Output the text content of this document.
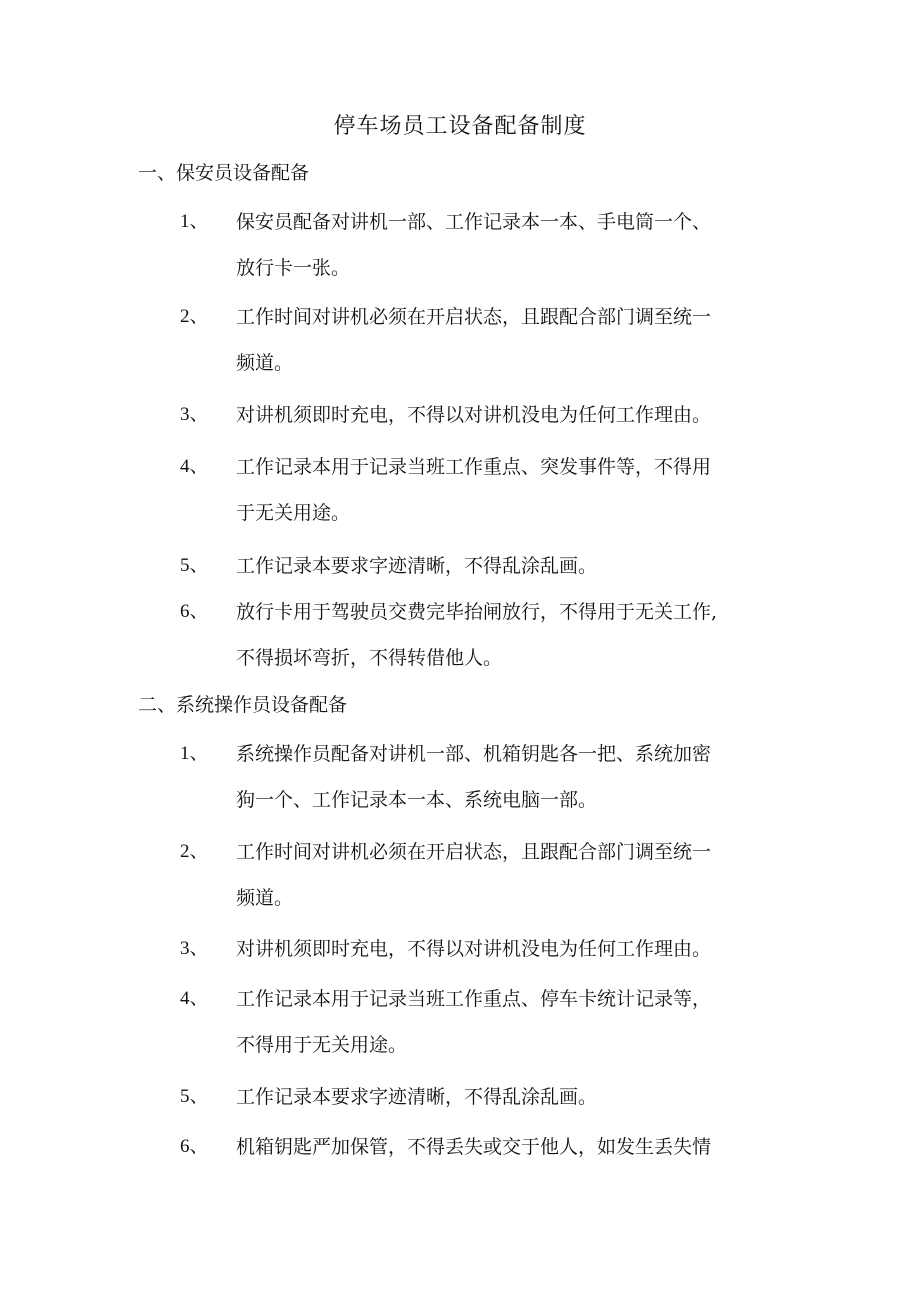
停车场员工设备配备制度
一、保安员设备配备
1、	保安员配备对讲机一部、工作记录本一本、手电筒一个、
放行卡一张。
2、	工作时间对讲机必须在开启状态，且跟配合部门调至统一
频道。
3、	对讲机须即时充电，不得以对讲机没电为任何工作理由。
4、	工作记录本用于记录当班工作重点、突发事件等，不得用
于无关用途。
5、	工作记录本要求字迹清晰，不得乱涂乱画。
6、	放行卡用于驾驶员交费完毕抬闸放行，不得用于无关工作,
不得损坏弯折，不得转借他人。
二、系统操作员设备配备
1、	系统操作员配备对讲机一部、机箱钥匙各一把、系统加密
狗一个、工作记录本一本、系统电脑一部。
2、	工作时间对讲机必须在开启状态，且跟配合部门调至统一
频道。
3、	对讲机须即时充电，不得以对讲机没电为任何工作理由。
4、	工作记录本用于记录当班工作重点、停车卡统计记录等，
不得用于无关用途。
5、	工作记录本要求字迹清晰，不得乱涂乱画。
6、	机箱钥匙严加保管，不得丢失或交于他人，如发生丢失情
